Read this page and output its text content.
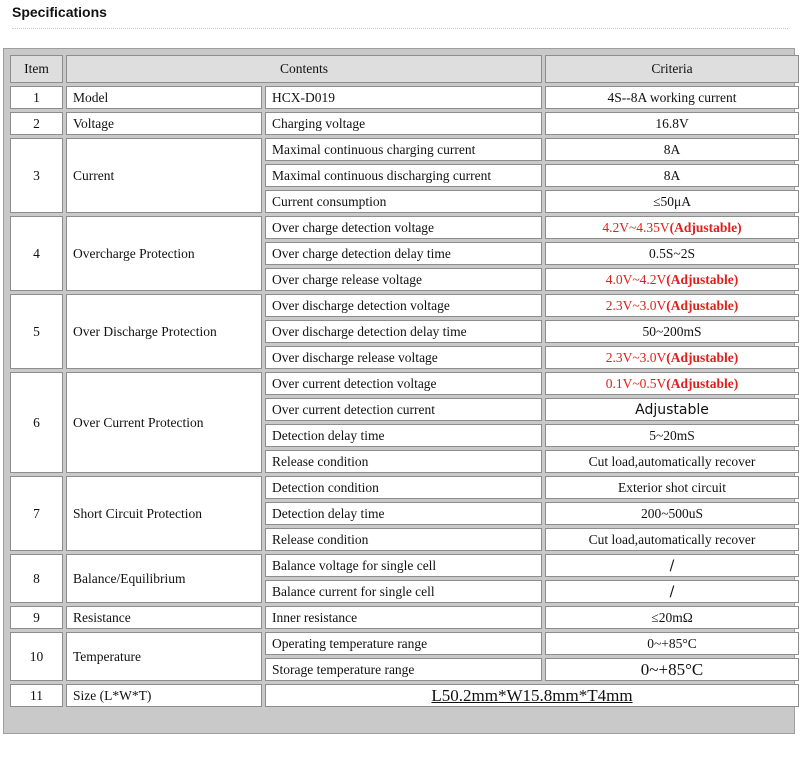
Specifications
Item	Contents		Criteria
1	Model	HCX-D019	4S--8A working current
2	Voltage	Charging voltage	16.8V
3	Current	Maximal continuous charging current	8A
		Maximal continuous discharging current	8A
		Current consumption	≤50μA
4	Overcharge Protection	Over charge detection voltage	4.2V~4.35V(Adjustable)
		Over charge detection delay time	0.5S~2S
		Over charge release voltage	4.0V~4.2V(Adjustable)
5	Over Discharge Protection	Over discharge detection voltage	2.3V~3.0V(Adjustable)
		Over discharge detection delay time	50~200mS
		Over discharge release voltage	2.3V~3.0V(Adjustable)
6	Over Current Protection	Over current detection voltage	0.1V~0.5V(Adjustable)
		Over current detection current	Adjustable
		Detection delay time	5~20mS
		Release condition	Cut load,automatically recover
7	Short Circuit Protection	Detection condition	Exterior shot circuit
		Detection delay time	200~500uS
		Release condition	Cut load,automatically recover
8	Balance/Equilibrium	Balance voltage for single cell	/
		Balance current for single cell	/
9	Resistance	Inner resistance	≤20mΩ
10	Temperature	Operating temperature range	0~+85°C
		Storage temperature range	0~+85°C
11	Size (L*W*T)	L50.2mm*W15.8mm*T4mm	
